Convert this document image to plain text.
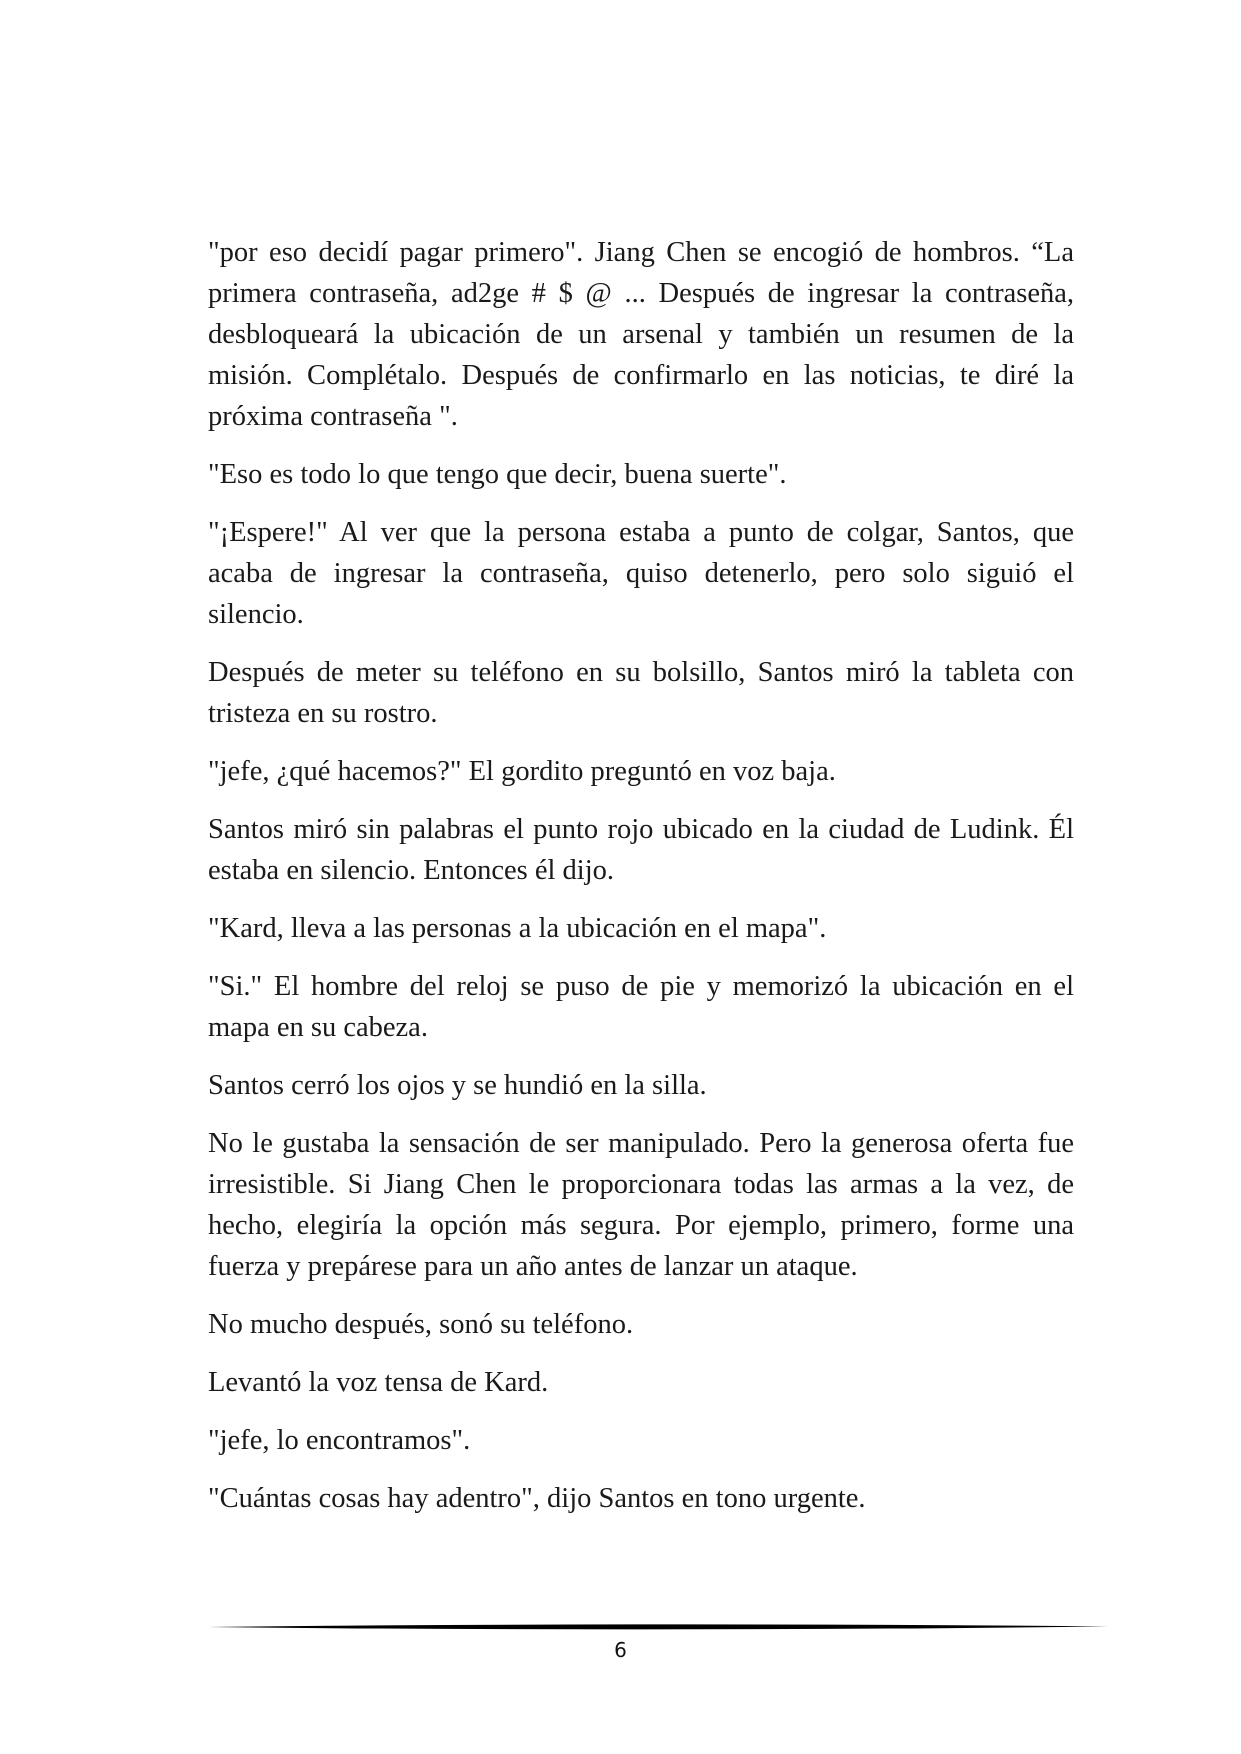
"por eso decidí pagar primero". Jiang Chen se encogió de hombros. “La primera contraseña, ad2ge # $ @ ... Después de ingresar la contraseña, desbloqueará la ubicación de un arsenal y también un resumen de la misión. Complétalo. Después de confirmarlo en las noticias, te diré la próxima contraseña ".

"Eso es todo lo que tengo que decir, buena suerte".

"¡Espere!" Al ver que la persona estaba a punto de colgar, Santos, que acaba de ingresar la contraseña, quiso detenerlo, pero solo siguió el silencio.

Después de meter su teléfono en su bolsillo, Santos miró la tableta con tristeza en su rostro.

"jefe, ¿qué hacemos?" El gordito preguntó en voz baja.

Santos miró sin palabras el punto rojo ubicado en la ciudad de Ludink. Él estaba en silencio. Entonces él dijo.

"Kard, lleva a las personas a la ubicación en el mapa".

"Si." El hombre del reloj se puso de pie y memorizó la ubicación en el mapa en su cabeza.

Santos cerró los ojos y se hundió en la silla.

No le gustaba la sensación de ser manipulado. Pero la generosa oferta fue irresistible. Si Jiang Chen le proporcionara todas las armas a la vez, de hecho, elegiría la opción más segura. Por ejemplo, primero, forme una fuerza y prepárese para un año antes de lanzar un ataque.

No mucho después, sonó su teléfono.

Levantó la voz tensa de Kard.

"jefe, lo encontramos".

"Cuántas cosas hay adentro", dijo Santos en tono urgente.

6
